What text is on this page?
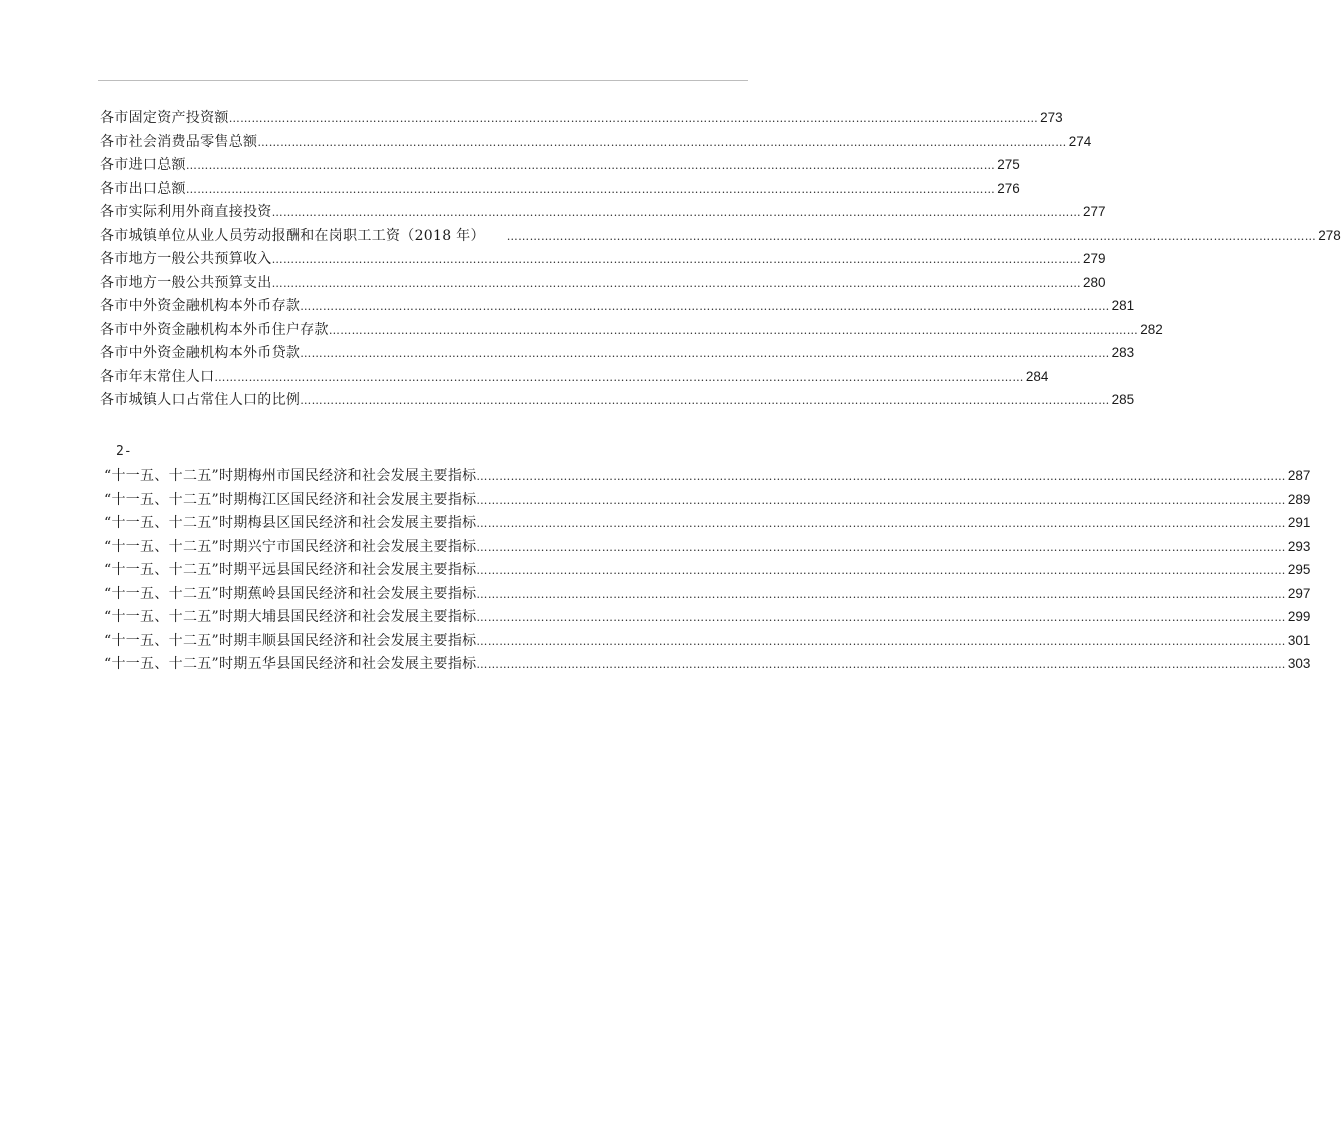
各市固定资产投资额 …………………………………………………………………………………………………………………………………………………………………………………………… 273
各市社会消费品零售总额 …………………………………………………………………………………………………………………………………………………………………………………………… 274
各市进口总额 …………………………………………………………………………………………………………………………………………………………………………………………… 275
各市出口总额 …………………………………………………………………………………………………………………………………………………………………………………………… 276
各市实际利用外商直接投资 …………………………………………………………………………………………………………………………………………………………………………………………… 277
各市城镇单位从业人员劳动报酬和在岗职工工资（2018 年） …………………………………………………………………………………………………………………………………………………………………………………………… 278
各市地方一般公共预算收入 …………………………………………………………………………………………………………………………………………………………………………………………… 279
各市地方一般公共预算支出 …………………………………………………………………………………………………………………………………………………………………………………………… 280
各市中外资金融机构本外币存款 …………………………………………………………………………………………………………………………………………………………………………………………… 281
各市中外资金融机构本外币住户存款 …………………………………………………………………………………………………………………………………………………………………………………………… 282
各市中外资金融机构本外币贷款 …………………………………………………………………………………………………………………………………………………………………………………………… 283
各市年末常住人口 …………………………………………………………………………………………………………………………………………………………………………………………… 284
各市城镇人口占常住人口的比例 …………………………………………………………………………………………………………………………………………………………………………………………… 285
2-
“十一五、十二五”时期梅州市国民经济和社会发展主要指标 …………………………………………………………………………………………………………………………………………………………………………………………… 287
“十一五、十二五”时期梅江区国民经济和社会发展主要指标 …………………………………………………………………………………………………………………………………………………………………………………………… 289
“十一五、十二五”时期梅县区国民经济和社会发展主要指标 …………………………………………………………………………………………………………………………………………………………………………………………… 291
“十一五、十二五”时期兴宁市国民经济和社会发展主要指标 …………………………………………………………………………………………………………………………………………………………………………………………… 293
“十一五、十二五”时期平远县国民经济和社会发展主要指标 …………………………………………………………………………………………………………………………………………………………………………………………… 295
“十一五、十二五”时期蕉岭县国民经济和社会发展主要指标 …………………………………………………………………………………………………………………………………………………………………………………………… 297
“十一五、十二五”时期大埔县国民经济和社会发展主要指标 …………………………………………………………………………………………………………………………………………………………………………………………… 299
“十一五、十二五”时期丰顺县国民经济和社会发展主要指标 …………………………………………………………………………………………………………………………………………………………………………………………… 301
“十一五、十二五”时期五华县国民经济和社会发展主要指标 …………………………………………………………………………………………………………………………………………………………………………………………… 303
